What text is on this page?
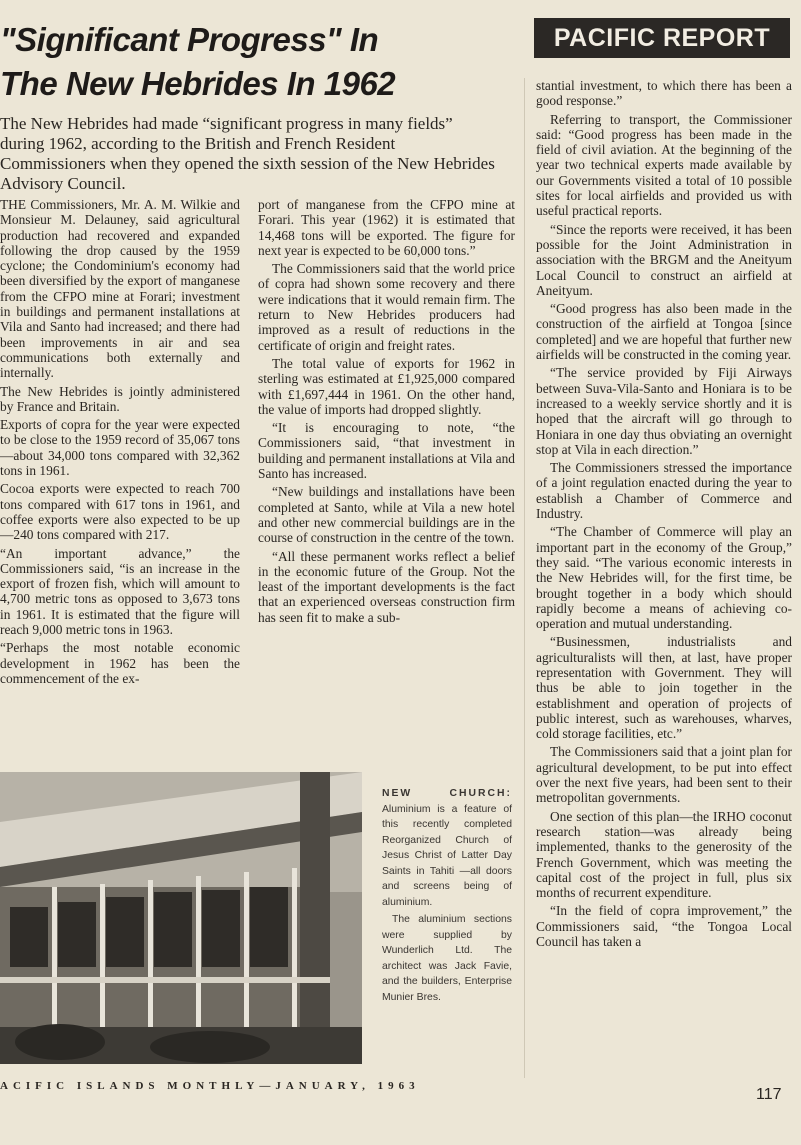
"Significant Progress" In
The New Hebrides In 1962
PACIFIC REPORT
The New Hebrides had made “significant progress in many fields” during 1962, according to the British and French Resident Commissioners when they opened the sixth session of the New Hebrides Advisory Council.

THE Commissioners, Mr. A. M. Wilkie and Monsieur M. Delauney, said agricultural production had recovered and expanded following the drop caused by the 1959 cyclone; the Condominium's economy had been diversified by the export of manganese from the CFPO mine at Forari; investment in buildings and permanent installations at Vila and Santo had increased; and there had been improvements in air and sea communications both externally and internally.

The New Hebrides is jointly administered by France and Britain.

Exports of copra for the year were expected to be close to the 1959 record of 35,067 tons—about 34,000 tons compared with 32,362 tons in 1961.

Cocoa exports were expected to reach 700 tons compared with 617 tons in 1961, and coffee exports were also expected to be up—240 tons compared with 217.

“An important advance,” the Commissioners said, “is an increase in the export of frozen fish, which will amount to 4,700 metric tons as opposed to 3,673 tons in 1961. It is estimated that the figure will reach 9,000 metric tons in 1963.

“Perhaps the most notable economic development in 1962 has been the commencement of the ex-

port of manganese from the CFPO mine at Forari. This year (1962) it is estimated that 14,468 tons will be exported. The figure for next year is expected to be 60,000 tons.”

The Commissioners said that the world price of copra had shown some recovery and there were indications that it would remain firm. The return to New Hebrides producers had improved as a result of reductions in the certificate of origin and freight rates.

The total value of exports for 1962 in sterling was estimated at £1,925,000 compared with £1,697,444 in 1961. On the other hand, the value of imports had dropped slightly.

“It is encouraging to note, “the Commissioners said, “that investment in building and permanent installations at Vila and Santo has increased.

“New buildings and installations have been completed at Santo, while at Vila a new hotel and other new commercial buildings are in the course of construction in the centre of the town.

“All these permanent works reflect a belief in the economic future of the Group. Not the least of the important developments is the fact that an experienced overseas construction firm has seen fit to make a sub-

stantial investment, to which there has been a good response.”

Referring to transport, the Commissioner said: “Good progress has been made in the field of civil aviation. At the beginning of the year two technical experts made available by our Governments visited a total of 10 possible sites for local airfields and provided us with useful practical reports.

“Since the reports were received, it has been possible for the Joint Administration in association with the BRGM and the Aneityum Local Council to construct an airfield at Aneityum.

“Good progress has also been made in the construction of the airfield at Tongoa [since completed] and we are hopeful that further new airfields will be constructed in the coming year.

“The service provided by Fiji Airways between Suva-Vila-Santo and Honiara is to be increased to a weekly service shortly and it is hoped that the aircraft will go through to Honiara in one day thus obviating an overnight stop at Vila in each direction.”

The Commissioners stressed the importance of a joint regulation enacted during the year to establish a Chamber of Commerce and Industry.

“The Chamber of Commerce will play an important part in the economy of the Group,” they said. “The various economic interests in the New Hebrides will, for the first time, be brought together in a body which should rapidly become a means of achieving co-operation and mutual understanding.

“Businessmen, industrialists and agriculturalists will then, at last, have proper representation with Government. They will thus be able to join together in the establishment and operation of projects of public interest, such as warehouses, wharves, cold storage facilities, etc.”

The Commissioners said that a joint plan for agricultural development, to be put into effect over the next five years, had been sent to their metropolitan governments.

One section of this plan—the IRHO coconut research station—was already being implemented, thanks to the generosity of the French Government, which was meeting the capital cost of the project in full, plus six months of recurrent expenditure.

“In the field of copra improvement,” the Commissioners said, “the Tongoa Local Council has taken a

NEW CHURCH: Aluminium is a feature of this recently completed Reorganized Church of Jesus Christ of Latter Day Saints in Tahiti —all doors and screens being of aluminium.

The aluminium sections were supplied by Wunderlich Ltd. The architect was Jack Favie, and the builders, Enterprise Munier Bres.

ACIFIC ISLANDS MONTHLY—JANUARY, 1963	117
